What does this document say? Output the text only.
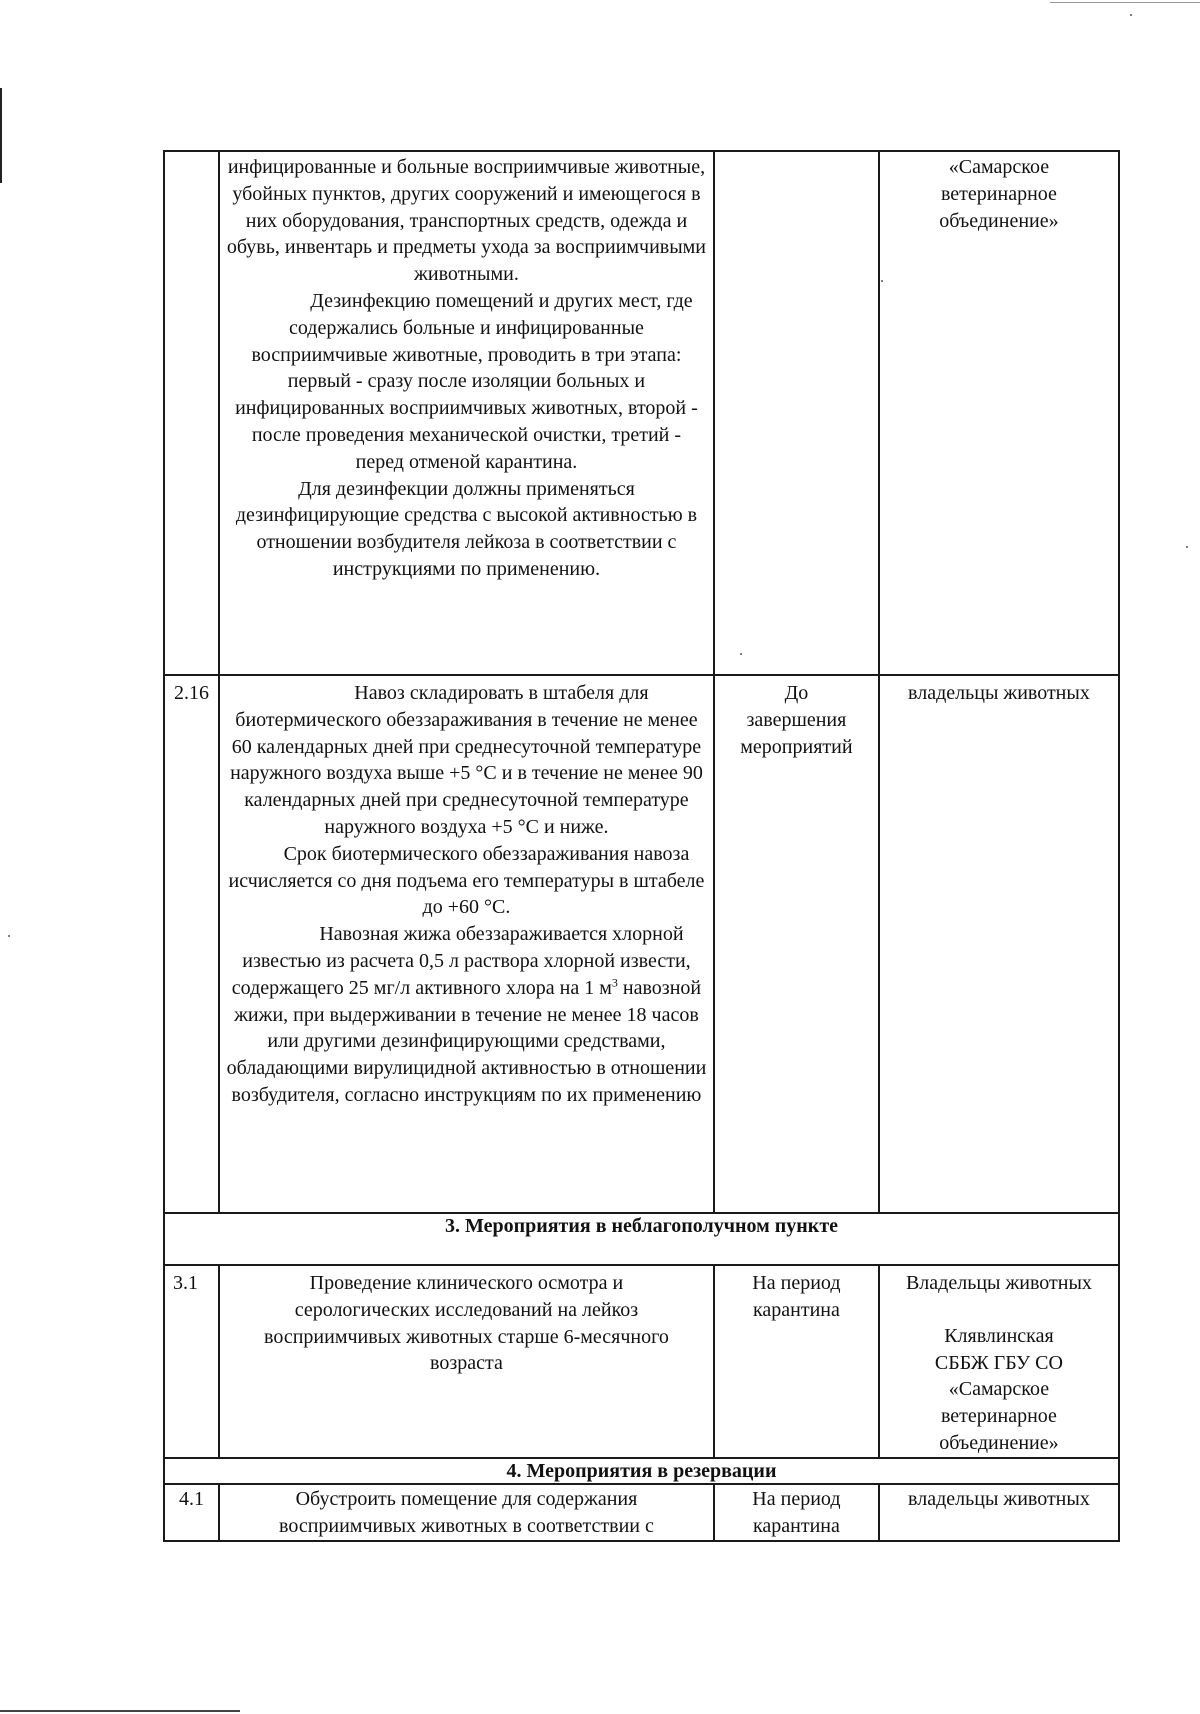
	инфицированные и больные восприимчивые животные, убойных пунктов, других сооружений и имеющегося в них оборудования, транспортных средств, одежда и обувь, инвентарь и предметы ухода за восприимчивыми животными.
Дезинфекцию помещений и других мест, где содержались больные и инфицированные восприимчивые животные, проводить в три этапа: первый - сразу после изоляции больных и инфицированных восприимчивых животных, второй - после проведения механической очистки, третий - перед отменой карантина.
Для дезинфекции должны применяться дезинфицирующие средства с высокой активностью в отношении возбудителя лейкоза в соответствии с инструкциями по применению.		«Самарское ветеринарное объединение»

2.16	Навоз складировать в штабеля для биотермического обеззараживания в течение не менее 60 календарных дней при среднесуточной температуре наружного воздуха выше +5 °С и в течение не менее 90 календарных дней при среднесуточной температуре наружного воздуха +5 °С и ниже.
Срок биотермического обеззараживания навоза исчисляется со дня подъема его температуры в штабеле до +60 °С.
Навозная жижа обеззараживается хлорной известью из расчета 0,5 л раствора хлорной извести, содержащего 25 мг/л активного хлора на 1 $м^3$ навозной жижи, при выдерживании в течение не менее 18 часов или другими дезинфицирующими средствами, обладающими вирулицидной активностью в отношении возбудителя, согласно инструкциям по их применению	До завершения мероприятий	владельцы животных
3. Мероприятия в неблагополучном пункте			
3.1	Проведение клинического осмотра и серологических исследований на лейкоз восприимчивых животных старше 6-месячного возраста	На период карантина	Владельцы животных
Клявлинская СББЖ ГБУ СО «Самарское ветеринарное объединение»

4. Мероприятия в резервации			
4.1	Обустроить помещение для содержания восприимчивых животных в соответствии с	На период карантина	владельцы животных
